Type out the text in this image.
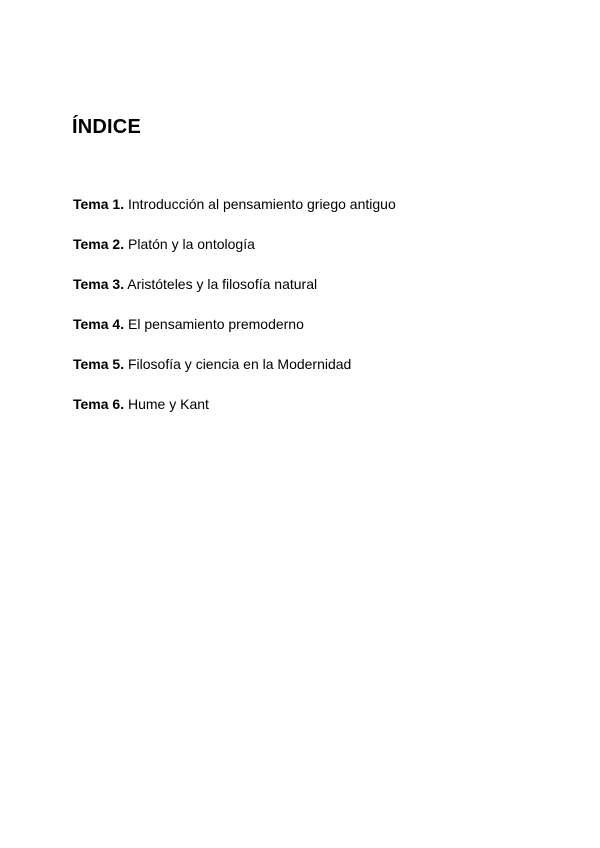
ÍNDICE
Tema 1. Introducción al pensamiento griego antiguo
Tema 2. Platón y la ontología
Tema 3. Aristóteles y la filosofía natural
Tema 4. El pensamiento premoderno
Tema 5. Filosofía y ciencia en la Modernidad
Tema 6. Hume y Kant
